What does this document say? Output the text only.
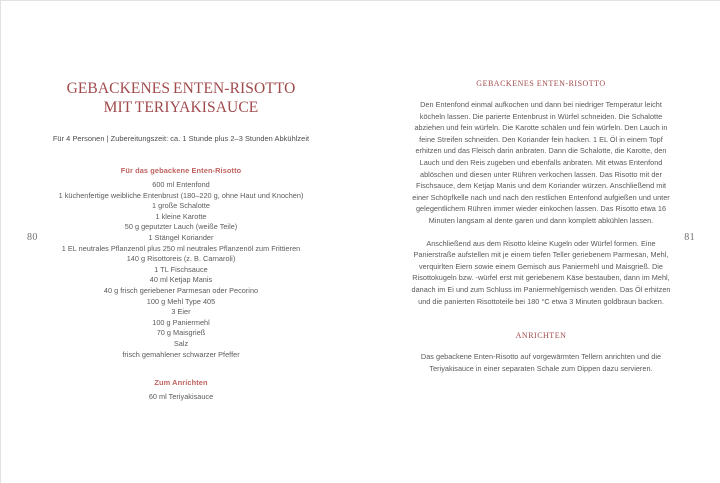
80
GEBACKENES ENTEN-RISOTTO
MIT TERIYAKISAUCE
Für 4 Personen | Zubereitungszeit: ca. 1 Stunde plus 2–3 Stunden Abkühlzeit
Für das gebackene Enten-Risotto
600 ml Entenfond
1 küchenfertige weibliche Entenbrust (180–220 g, ohne Haut und Knochen)
1 große Schalotte
1 kleine Karotte
50 g geputzter Lauch (weiße Teile)
1 Stängel Koriander
1 EL neutrales Pflanzenöl plus 250 ml neutrales Pflanzenöl zum Frittieren
140 g Risottoreis (z. B. Carnaroli)
1 TL Fischsauce
40 ml Ketjap Manis
40 g frisch geriebener Parmesan oder Pecorino
100 g Mehl Type 405
3 Eier
100 g Paniermehl
70 g Maisgrieß
Salz
frisch gemahlener schwarzer Pfeffer
Zum Anrichten
60 ml Teriyakisauce
81
GEBACKENES ENTEN-RISOTTO

Den Entenfond einmal aufkochen und dann bei niedriger Temperatur leicht köcheln lassen. Die parierte Entenbrust in Würfel schneiden. Die Schalotte abziehen und fein würfeln. Die Karotte schälen und fein würfeln. Den Lauch in feine Streifen schneiden. Den Koriander fein hacken. 1 EL Öl in einem Topf erhitzen und das Fleisch darin anbraten. Dann die Schalotte, die Karotte, den Lauch und den Reis zugeben und ebenfalls anbraten. Mit etwas Entenfond ablöschen und diesen unter Rühren verkochen lassen. Das Risotto mit der Fischsauce, dem Ketjap Manis und dem Koriander würzen. Anschließend mit einer Schöpfkelle nach und nach den restlichen Entenfond aufgießen und unter gelegentlichem Rühren immer wieder einkochen lassen. Das Risotto etwa 16 Minuten langsam al dente garen und dann komplett abkühlen lassen.

Anschließend aus dem Risotto kleine Kugeln oder Würfel formen. Eine Panierstraße aufstellen mit je einem tiefen Teller geriebenem Parmesan, Mehl, verquirlten Eiern sowie einem Gemisch aus Paniermehl und Maisgrieß. Die Risottokugeln bzw. -würfel erst mit geriebenem Käse bestauben, dann im Mehl, danach im Ei und zum Schluss im Paniermehlgemisch wenden. Das Öl erhitzen und die panierten Risottoteile bei 180 °C etwa 3 Minuten goldbraun backen.

ANRICHTEN

Das gebackene Enten-Risotto auf vorgewärmten Tellern anrichten und die Teriyakisauce in einer separaten Schale zum Dippen dazu servieren.
